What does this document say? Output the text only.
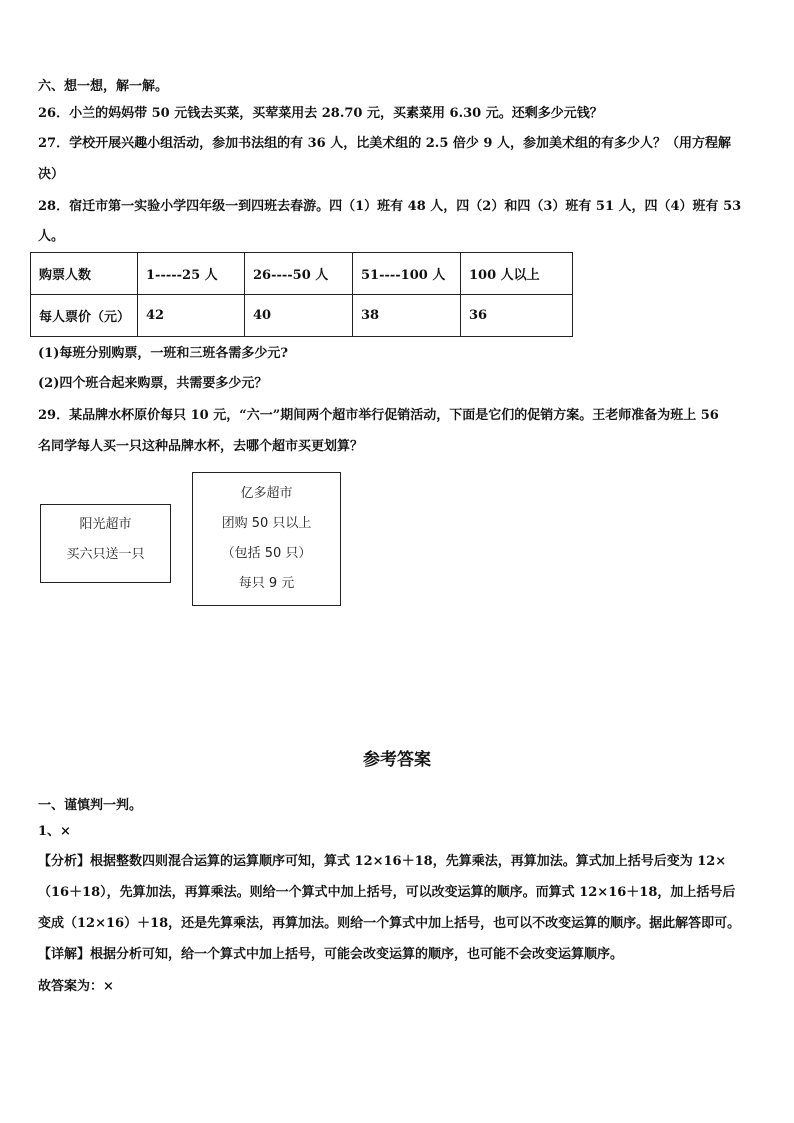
六、想一想，解一解。
26．小兰的妈妈带 50 元钱去买菜，买荤菜用去 28.70 元，买素菜用 6.30 元。还剩多少元钱？
27．学校开展兴趣小组活动，参加书法组的有 36 人，比美术组的 2.5 倍少 9 人，参加美术组的有多少人？（用方程解
决）
28．宿迁市第一实验小学四年级一到四班去春游。四（1）班有 48 人，四（2）和四（3）班有 51 人，四（4）班有 53
人。
购票人数	1-----25 人	26----50 人	51----100 人	100 人以上
每人票价（元）	42	40	38	36
(1)每班分别购票，一班和三班各需多少元?
(2)四个班合起来购票，共需要多少元？
29．某品牌水杯原价每只 10 元，“六一”期间两个超市举行促销活动，下面是它们的促销方案。王老师准备为班上 56
名同学每人买一只这种品牌水杯，去哪个超市买更划算？
阳光超市
买六只送一只
亿多超市
团购 50 只以上
（包括 50 只）
每只 9 元
参考答案
一、谨慎判一判。
1、×
【分析】根据整数四则混合运算的运算顺序可知，算式 12×16＋18，先算乘法，再算加法。算式加上括号后变为 12×
（16＋18），先算加法，再算乘法。则给一个算式中加上括号，可以改变运算的顺序。而算式 12×16＋18，加上括号后
变成（12×16）＋18，还是先算乘法，再算加法。则给一个算式中加上括号，也可以不改变运算的顺序。据此解答即可。
【详解】根据分析可知，给一个算式中加上括号，可能会改变运算的顺序，也可能不会改变运算顺序。
故答案为：×
